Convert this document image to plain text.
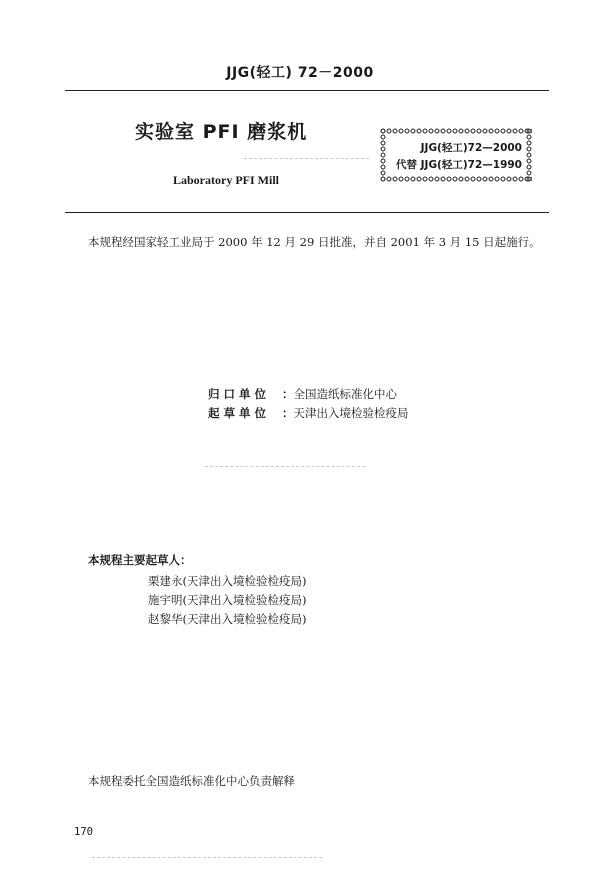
JJG(轻工) 72－2000
实验室 PFI 磨浆机
Laboratory PFI Mill
JJG(轻工)72—2000
代替 JJG(轻工)72—1990
本规程经国家轻工业局于 2000 年 12 月 29 日批准，并自 2001 年 3 月 15 日起施行。
归 口 单 位 ：全国造纸标准化中心
起 草 单 位 ：天津出入境检验检疫局
本规程主要起草人：
栗建永(天津出入境检验检疫局)
施宇明(天津出入境检验检疫局)
赵黎华(天津出入境检验检疫局)
本规程委托全国造纸标准化中心负责解释
170
